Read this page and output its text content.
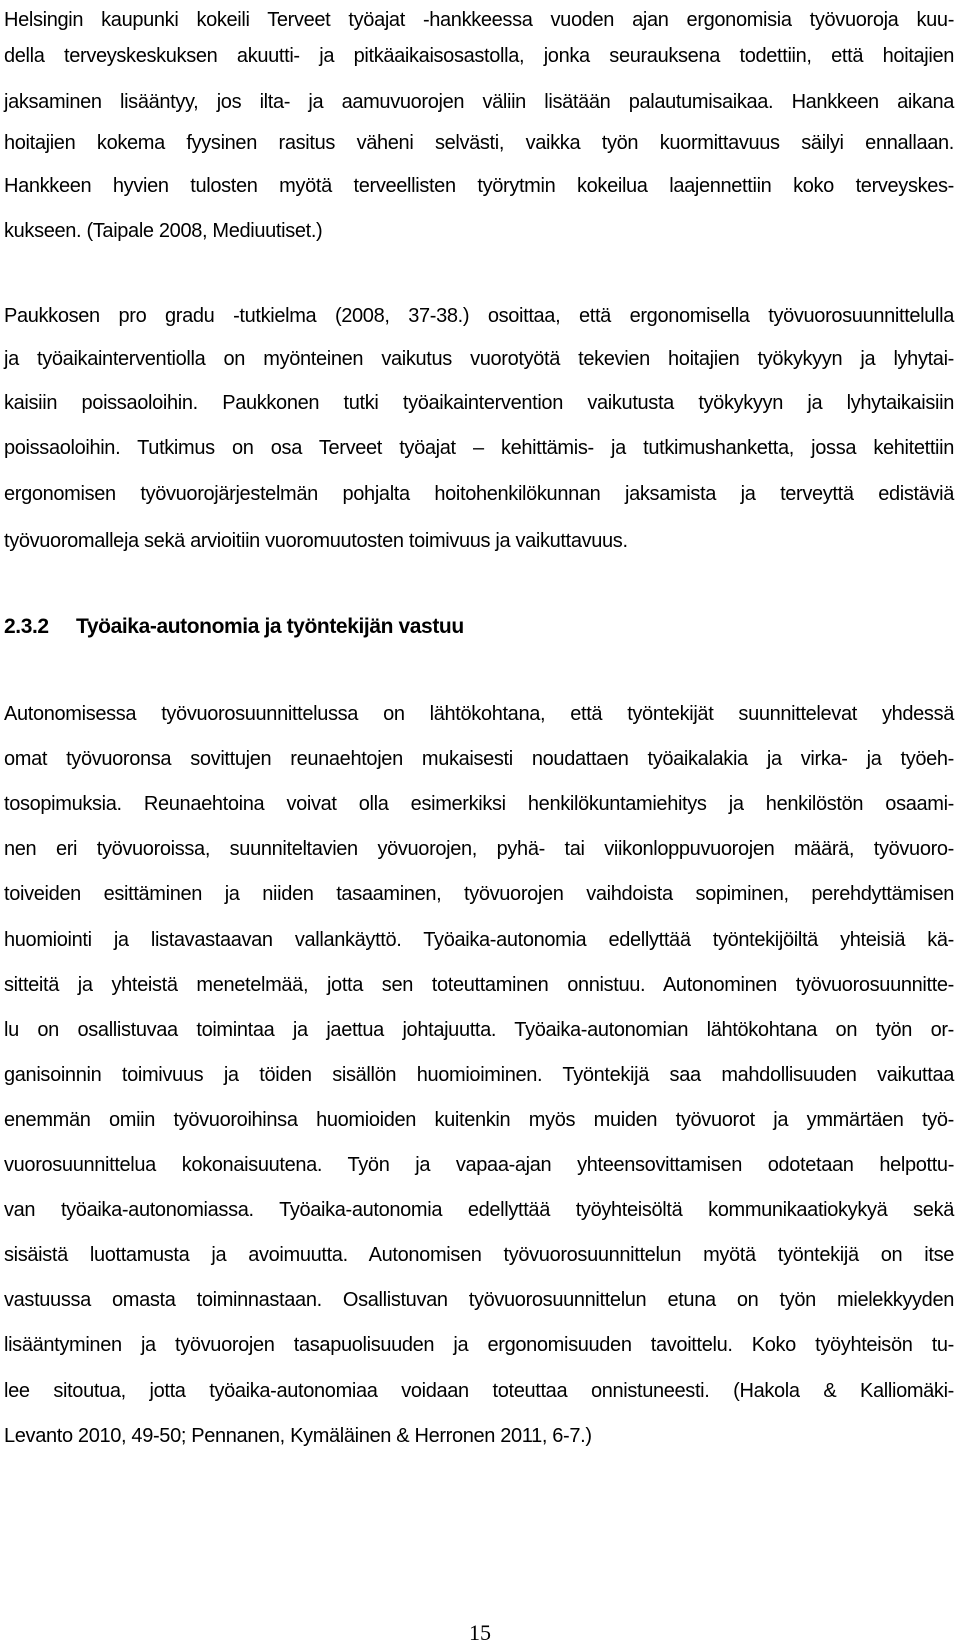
Helsingin kaupunki kokeili Terveet työajat -hankkeessa vuoden ajan ergonomisia työvuoroja kuu-
della terveyskeskuksen akuutti- ja pitkäaikaisosastolla, jonka seurauksena todettiin, että hoitajien
jaksaminen lisääntyy, jos ilta- ja aamuvuorojen väliin lisätään palautumisaikaa. Hankkeen aikana
hoitajien kokema fyysinen rasitus väheni selvästi, vaikka työn kuormittavuus säilyi ennallaan.
Hankkeen hyvien tulosten myötä terveellisten työrytmin kokeilua laajennettiin koko terveyskes-
kukseen. (Taipale 2008, Mediuutiset.)
Paukkosen pro gradu -tutkielma (2008, 37-38.) osoittaa, että ergonomisella työvuorosuunnittelulla
ja työaikainterventiolla on myönteinen vaikutus vuorotyötä tekevien hoitajien työkykyyn ja lyhytai-
kaisiin poissaoloihin. Paukkonen tutki työaikaintervention vaikutusta työkykyyn ja lyhytaikaisiin
poissaoloihin. Tutkimus on osa Terveet työajat – kehittämis- ja tutkimushanketta, jossa kehitettiin
ergonomisen työvuorojärjestelmän pohjalta hoitohenkilökunnan jaksamista ja terveyttä edistäviä
työvuoromalleja sekä arvioitiin vuoromuutosten toimivuus ja vaikuttavuus.
2.3.2 Työaika-autonomia ja työntekijän vastuu
Autonomisessa työvuorosuunnittelussa on lähtökohtana, että työntekijät suunnittelevat yhdessä
omat työvuoronsa sovittujen reunaehtojen mukaisesti noudattaen työaikalakia ja virka- ja työeh-
tosopimuksia. Reunaehtoina voivat olla esimerkiksi henkilökuntamiehitys ja henkilöstön osaami-
nen eri työvuoroissa, suunniteltavien yövuorojen, pyhä- tai viikonloppuvuorojen määrä, työvuoro-
toiveiden esittäminen ja niiden tasaaminen, työvuorojen vaihdoista sopiminen, perehdyttämisen
huomiointi ja listavastaavan vallankäyttö. Työaika-autonomia edellyttää työntekijöiltä yhteisiä kä-
sitteitä ja yhteistä menetelmää, jotta sen toteuttaminen onnistuu. Autonominen työvuorosuunnitte-
lu on osallistuvaa toimintaa ja jaettua johtajuutta. Työaika-autonomian lähtökohtana on työn or-
ganisoinnin toimivuus ja töiden sisällön huomioiminen. Työntekijä saa mahdollisuuden vaikuttaa
enemmän omiin työvuoroihinsa huomioiden kuitenkin myös muiden työvuorot ja ymmärtäen työ-
vuorosuunnittelua kokonaisuutena. Työn ja vapaa-ajan yhteensovittamisen odotetaan helpottu-
van työaika-autonomiassa. Työaika-autonomia edellyttää työyhteisöltä kommunikaatiokykyä sekä
sisäistä luottamusta ja avoimuutta. Autonomisen työvuorosuunnittelun myötä työntekijä on itse
vastuussa omasta toiminnastaan. Osallistuvan työvuorosuunnittelun etuna on työn mielekkyyden
lisääntyminen ja työvuorojen tasapuolisuuden ja ergonomisuuden tavoittelu. Koko työyhteisön tu-
lee sitoutua, jotta työaika-autonomiaa voidaan toteuttaa onnistuneesti. (Hakola & Kalliomäki-
Levanto 2010, 49-50; Pennanen, Kymäläinen & Herronen 2011, 6-7.)
15
